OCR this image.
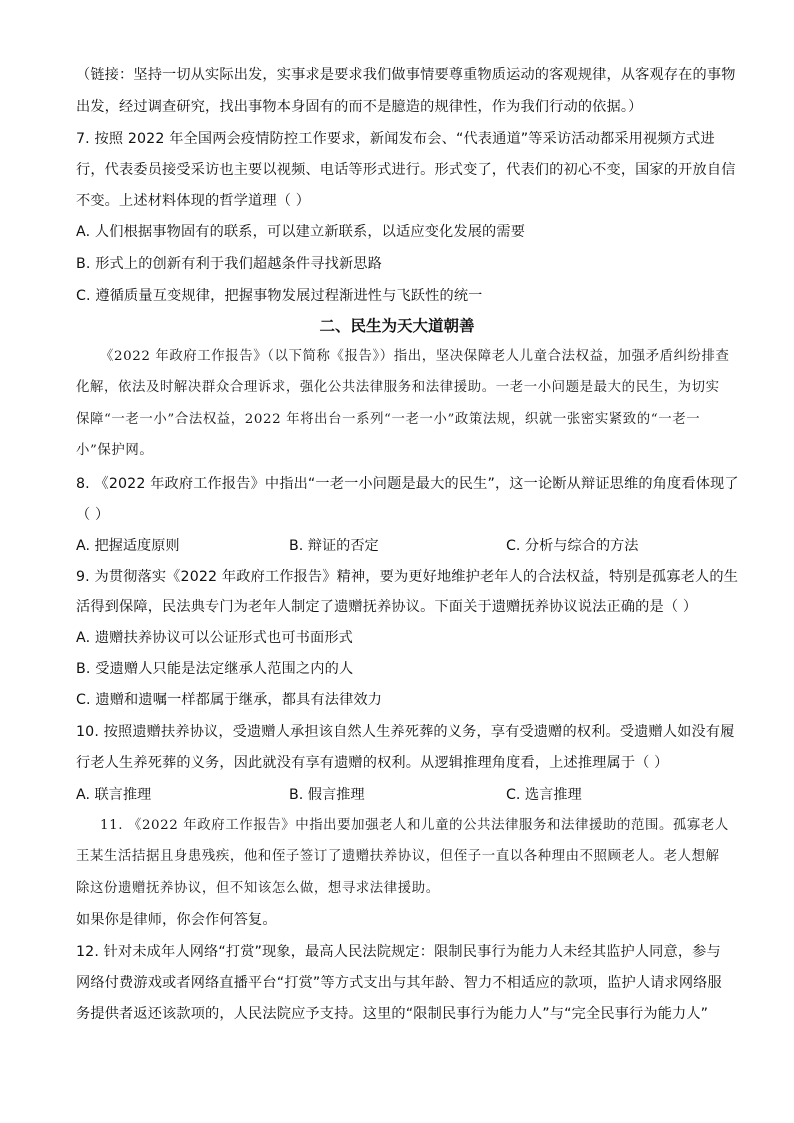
（链接：坚持一切从实际出发，实事求是要求我们做事情要尊重物质运动的客观规律，从客观存在的事物
出发，经过调查研究，找出事物本身固有的而不是臆造的规律性，作为我们行动的依据。）
7. 按照 2022 年全国两会疫情防控工作要求，新闻发布会、“代表通道”等采访活动都采用视频方式进
行，代表委员接受采访也主要以视频、电话等形式进行。形式变了，代表们的初心不变，国家的开放自信
不变。上述材料体现的哲学道理（ ）
A. 人们根据事物固有的联系，可以建立新联系，以适应变化发展的需要
B. 形式上的创新有利于我们超越条件寻找新思路
C. 遵循质量互变规律，把握事物发展过程渐进性与飞跃性的统一
二、民生为天大道朝善
《2022 年政府工作报告》（以下简称《报告》）指出，坚决保障老人儿童合法权益，加强矛盾纠纷排查
化解，依法及时解决群众合理诉求，强化公共法律服务和法律援助。一老一小问题是最大的民生，为切实
保障“一老一小”合法权益，2022 年将出台一系列“一老一小”政策法规，织就一张密实紧致的“一老一
小”保护网。
8. 《2022 年政府工作报告》中指出“一老一小问题是最大的民生”，这一论断从辩证思维的角度看体现了
（ ）
A. 把握适度原则	B. 辩证的否定	C. 分析与综合的方法
9. 为贯彻落实《2022 年政府工作报告》精神，要为更好地维护老年人的合法权益，特别是孤寡老人的生
活得到保障，民法典专门为老年人制定了遗赠抚养协议。下面关于遗赠抚养协议说法正确的是（ ）
A. 遗赠扶养协议可以公证形式也可书面形式
B. 受遗赠人只能是法定继承人范围之内的人
C. 遗赠和遗嘱一样都属于继承，都具有法律效力
10. 按照遗赠扶养协议，受遗赠人承担该自然人生养死葬的义务，享有受遗赠的权利。受遗赠人如没有履
行老人生养死葬的义务，因此就没有享有遗赠的权利。从逻辑推理角度看，上述推理属于（ ）
A. 联言推理	B. 假言推理	C. 选言推理
11. 《2022 年政府工作报告》中指出要加强老人和儿童的公共法律服务和法律援助的范围。孤寡老人
王某生活拮据且身患残疾，他和侄子签订了遗赠扶养协议，但侄子一直以各种理由不照顾老人。老人想解
除这份遗赠抚养协议，但不知该怎么做，想寻求法律援助。
如果你是律师，你会作何答复。
12. 针对未成年人网络“打赏”现象，最高人民法院规定：限制民事行为能力人未经其监护人同意，参与
网络付费游戏或者网络直播平台“打赏”等方式支出与其年龄、智力不相适应的款项，监护人请求网络服
务提供者返还该款项的，人民法院应予支持。这里的“限制民事行为能力人”与“完全民事行为能力人”
